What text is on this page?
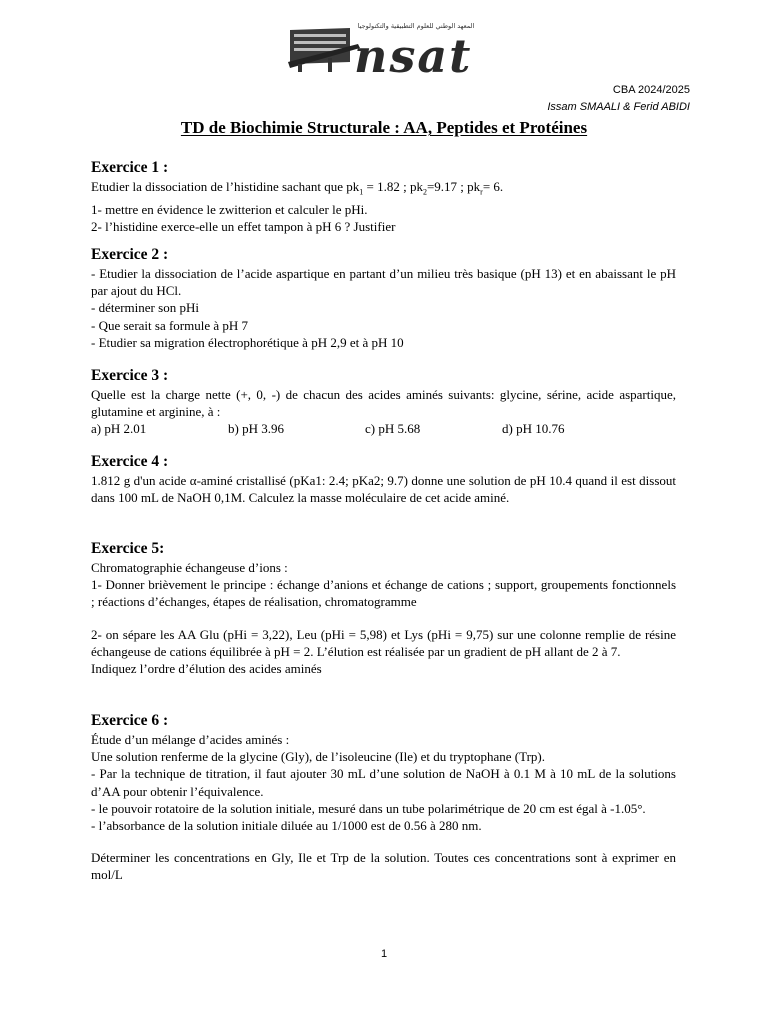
المعهد الوطني للعلوم التطبيقية والتكنولوجيا
nsat
CBA 2024/2025
Issam SMAALI & Ferid ABIDI
TD de Biochimie Structurale : AA, Peptides et Protéines
Exercice 1 :

Etudier la dissociation de l’histidine sachant que $pk_1 = 1.82$ ; $pk_2=9.17$ ; $pk_r= 6$.

1- mettre en évidence le zwitterion et calculer le pHi.

2- l’histidine exerce-elle un effet tampon à pH 6 ? Justifier

Exercice 2 :

- Etudier la dissociation de l’acide aspartique en partant d’un milieu très basique (pH 13) et en abaissant le pH par ajout du HCl.

- déterminer son pHi

- Que serait sa formule à pH 7

- Etudier sa migration électrophorétique à pH 2,9 et à pH 10

Exercice 3 :

Quelle est la charge nette (+, 0, -) de chacun des acides aminés suivants: glycine, sérine, acide aspartique, glutamine et arginine, à :

a) pH 2.01	b) pH 3.96	c) pH 5.68	d) pH 10.76
Exercice 4 :

1.812 g d'un acide α-aminé cristallisé (pKa1: 2.4; pKa2; 9.7) donne une solution de pH 10.4 quand il est dissout dans 100 mL de NaOH 0,1M. Calculez la masse moléculaire de cet acide aminé.

Exercice 5:

Chromatographie échangeuse d’ions :

1- Donner brièvement le principe : échange d’anions et échange de cations ; support, groupements fonctionnels ; réactions d’échanges, étapes de réalisation, chromatogramme

2- on sépare les AA Glu (pHi = 3,22), Leu (pHi = 5,98) et Lys (pHi = 9,75) sur une colonne remplie de résine échangeuse de cations équilibrée à pH = 2. L’élution est réalisée par un gradient de pH allant de 2 à 7.

Indiquez l’ordre d’élution des acides aminés

Exercice 6 :

Étude d’un mélange d’acides aminés :

Une solution renferme de la glycine (Gly), de l’isoleucine (Ile) et du tryptophane (Trp).

- Par la technique de titration, il faut ajouter 30 mL d’une solution de NaOH à 0.1 M à 10 mL de la solutions d’AA pour obtenir l’équivalence.

- le pouvoir rotatoire de la solution initiale, mesuré dans un tube polarimétrique de 20 cm est égal à -1.05°.

- l’absorbance de la solution initiale diluée au 1/1000 est de 0.56 à 280 nm.

Déterminer les concentrations en Gly, Ile et Trp de la solution. Toutes ces concentrations sont à exprimer en mol/L

1
